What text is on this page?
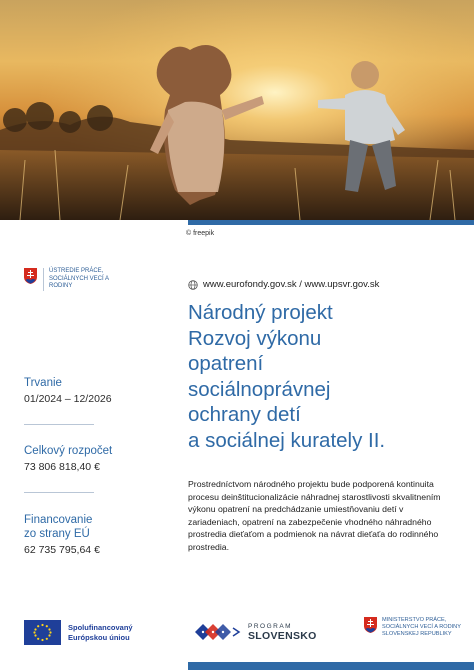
© freepik
ÚSTREDIE PRÁCE, SOCIÁLNYCH VECÍ A RODINY	www.eurofondy.gov.sk / www.upsvr.gov.sk
Národný projekt
Rozvoj výkonu
opatrení
sociálnoprávnej
ochrany detí
a sociálnej kurately II.
Trvanie
01/2024 – 12/2026
Celkový rozpočet
73 806 818,40 €
Financovanie
zo strany EÚ
62 735 795,64 €

Prostredníctvom národného projektu bude podporená kontinuita procesu deinštitucionalizácie náhradnej starostlivosti skvalitnením výkonu opatrení na predchádzanie umiestňovaniu detí v zariadeniach, opatrení na zabezpečenie vhodného náhradného prostredia dieťaťom a podmienok na návrat dieťaťa do rodinného prostredia.

Spolufinancovaný
Európskou úniou
PROGRAM
SLOVENSKO
MINISTERSTVO PRÁCE, SOCIÁLNYCH VECÍ A RODINY SLOVENSKEJ REPUBLIKY
